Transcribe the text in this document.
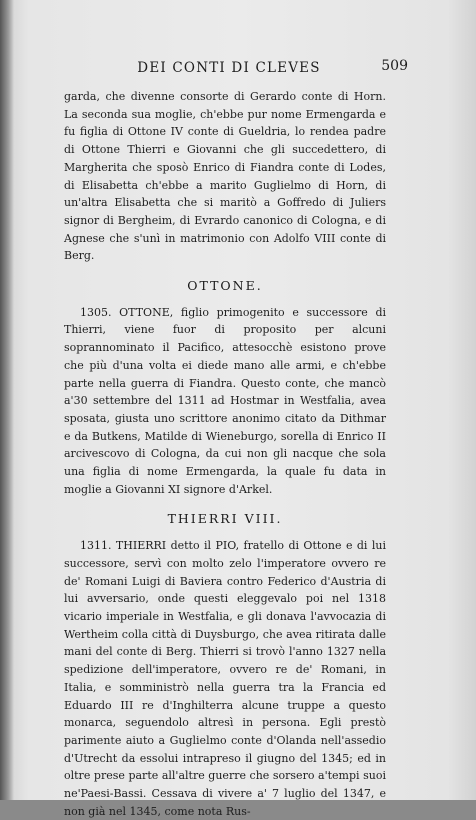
DEI CONTI DI CLEVES	509

garda, che divenne consorte di Gerardo conte di Horn. La seconda sua moglie, ch'ebbe pur nome Ermengarda e fu figlia di Ottone IV conte di Gueldria, lo rendea padre di Ottone Thierri e Giovanni che gli succedettero, di Margherita che sposò Enrico di Fiandra conte di Lodes, di Elisabetta ch'ebbe a marito Guglielmo di Horn, di un'altra Elisabetta che si maritò a Goffredo di Juliers signor di Bergheim, di Evrardo canonico di Cologna, e di Agnese che s'unì in matrimonio con Adolfo VIII conte di Berg.

OTTONE.

1305. OTTONE, figlio primogenito e successore di Thierri, viene fuor di proposito per alcuni soprannominato il Pacifico, attesocchè esistono prove che più d'una volta ei diede mano alle armi, e ch'ebbe parte nella guerra di Fiandra. Questo conte, che mancò a'30 settembre del 1311 ad Hostmar in Westfalia, avea sposata, giusta uno scrittore anonimo citato da Dithmar e da Butkens, Matilde di Wieneburgo, sorella di Enrico II arcivescovo di Cologna, da cui non gli nacque che sola una figlia di nome Ermengarda, la quale fu data in moglie a Giovanni XI signore d'Arkel.

THIERRI VIII.

1311. THIERRI detto il PIO, fratello di Ottone e di lui successore, servì con molto zelo l'imperatore ovvero re de' Romani Luigi di Baviera contro Federico d'Austria di lui avversario, onde questi eleggevalo poi nel 1318 vicario imperiale in Westfalia, e gli donava l'avvocazia di Wertheim colla città di Duysburgo, che avea ritirata dalle mani del conte di Berg. Thierri si trovò l'anno 1327 nella spedizione dell'imperatore, ovvero re de' Romani, in Italia, e somministrò nella guerra tra la Francia ed Eduardo III re d'Inghilterra alcune truppe a questo monarca, seguendolo altresì in persona. Egli prestò parimente aiuto a Guglielmo conte d'Olanda nell'assedio d'Utrecht da essolui intrapreso il giugno del 1345; ed in oltre prese parte all'altre guerre che sorsero a'tempi suoi ne'Paesi-Bassi. Cessava di vivere a' 7 luglio del 1347, e non già nel 1345, come nota Rus-
